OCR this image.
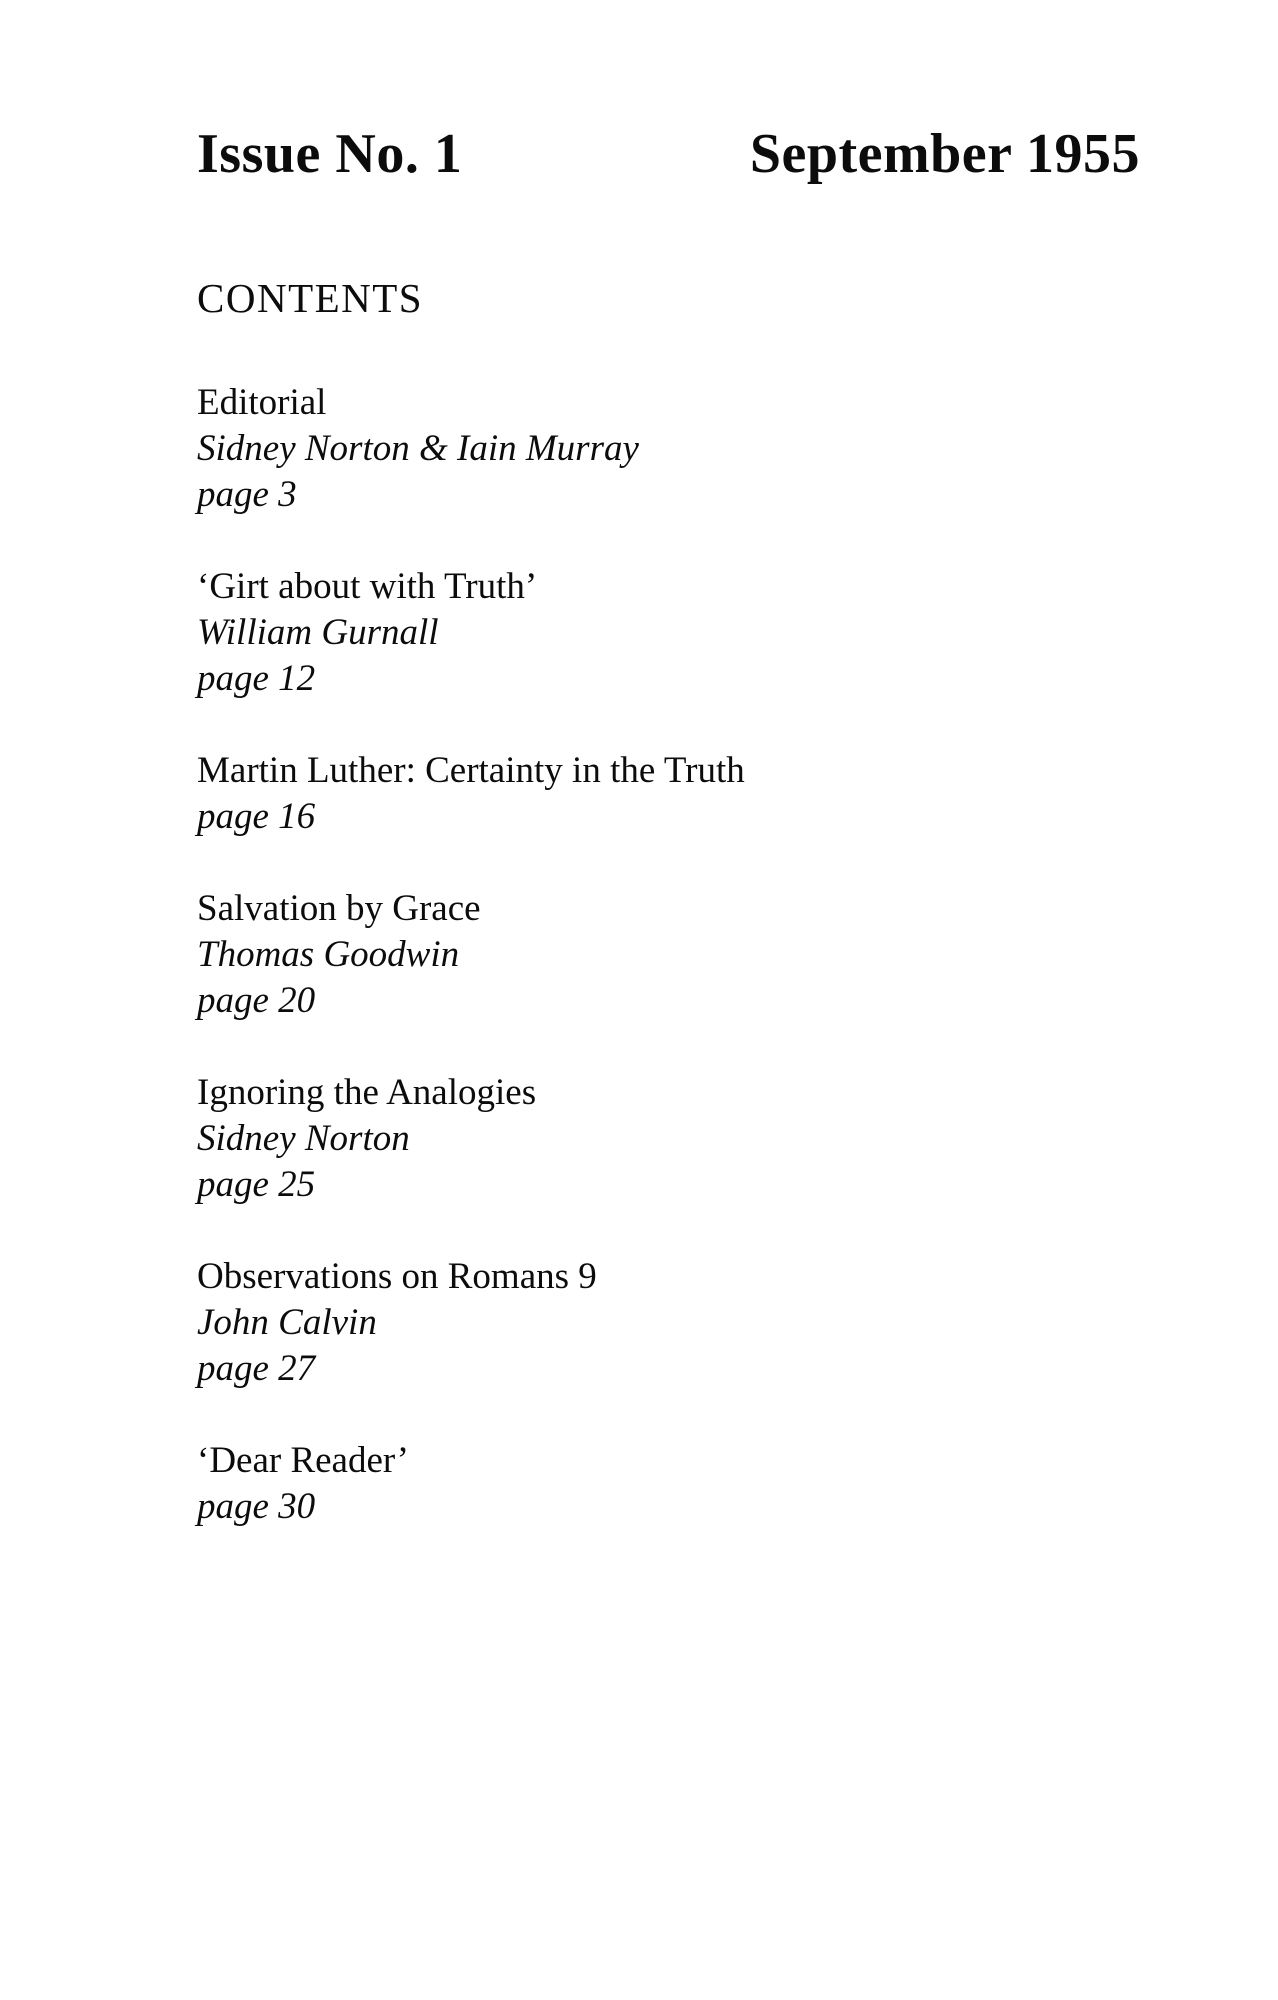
Issue No. 1	September 1955
CONTENTS
Editorial
Sidney Norton & Iain Murray
page 3
‘Girt about with Truth’
William Gurnall
page 12
Martin Luther: Certainty in the Truth
page 16
Salvation by Grace
Thomas Goodwin
page 20
Ignoring the Analogies
Sidney Norton
page 25
Observations on Romans 9
John Calvin
page 27
‘Dear Reader’
page 30
